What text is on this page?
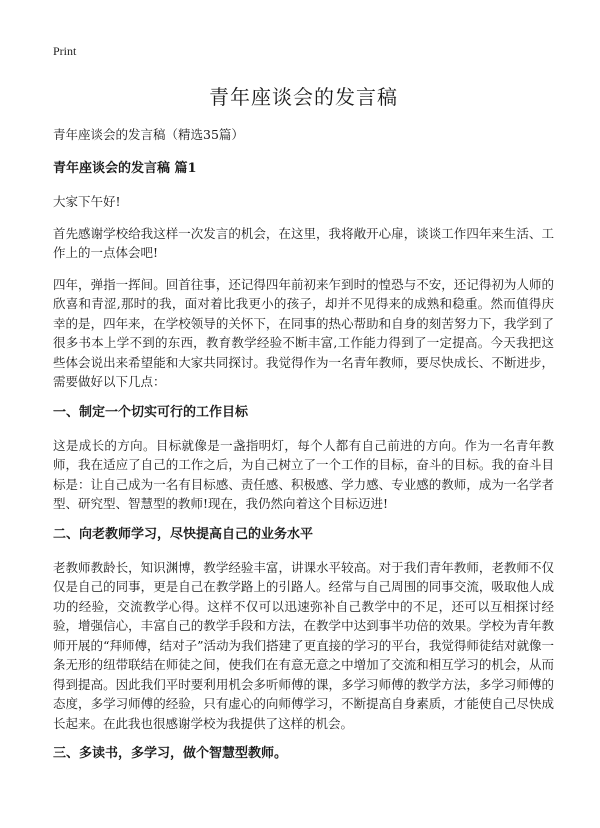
Print
青年座谈会的发言稿
青年座谈会的发言稿（精选35篇）
青年座谈会的发言稿 篇1

大家下午好!

首先感谢学校给我这样一次发言的机会，在这里，我将敞开心扉，谈谈工作四年来生活、工作上的一点体会吧!

四年，弹指一挥间。回首往事，还记得四年前初来乍到时的惶恐与不安，还记得初为人师的欣喜和青涩,那时的我，面对着比我更小的孩子，却并不见得来的成熟和稳重。然而值得庆幸的是，四年来，在学校领导的关怀下，在同事的热心帮助和自身的刻苦努力下，我学到了很多书本上学不到的东西，教育教学经验不断丰富,工作能力得到了一定提高。今天我把这些体会说出来希望能和大家共同探讨。我觉得作为一名青年教师，要尽快成长、不断进步，需要做好以下几点：

一、制定一个切实可行的工作目标

这是成长的方向。目标就像是一盏指明灯，每个人都有自己前进的方向。作为一名青年教师，我在适应了自己的工作之后，为自己树立了一个工作的目标，奋斗的目标。我的奋斗目标是：让自己成为一名有目标感、责任感、积极感、学力感、专业感的教师，成为一名学者型、研究型、智慧型的教师!现在，我仍然向着这个目标迈进!

二、向老教师学习，尽快提高自己的业务水平

老教师教龄长，知识渊博，教学经验丰富，讲课水平较高。对于我们青年教师，老教师不仅仅是自己的同事，更是自己在教学路上的引路人。经常与自己周围的同事交流，吸取他人成功的经验，交流教学心得。这样不仅可以迅速弥补自己教学中的不足，还可以互相探讨经验，增强信心，丰富自己的教学手段和方法，在教学中达到事半功倍的效果。学校为青年教师开展的“拜师傅，结对子”活动为我们搭建了更直接的学习的平台，我觉得师徒结对就像一条无形的纽带联结在师徒之间，使我们在有意无意之中增加了交流和相互学习的机会，从而得到提高。因此我们平时要利用机会多听师傅的课，多学习师傅的教学方法，多学习师傅的态度，多学习师傅的经验，只有虚心的向师傅学习，不断提高自身素质，才能使自己尽快成长起来。在此我也很感谢学校为我提供了这样的机会。

三、多读书，多学习，做个智慧型教师。
